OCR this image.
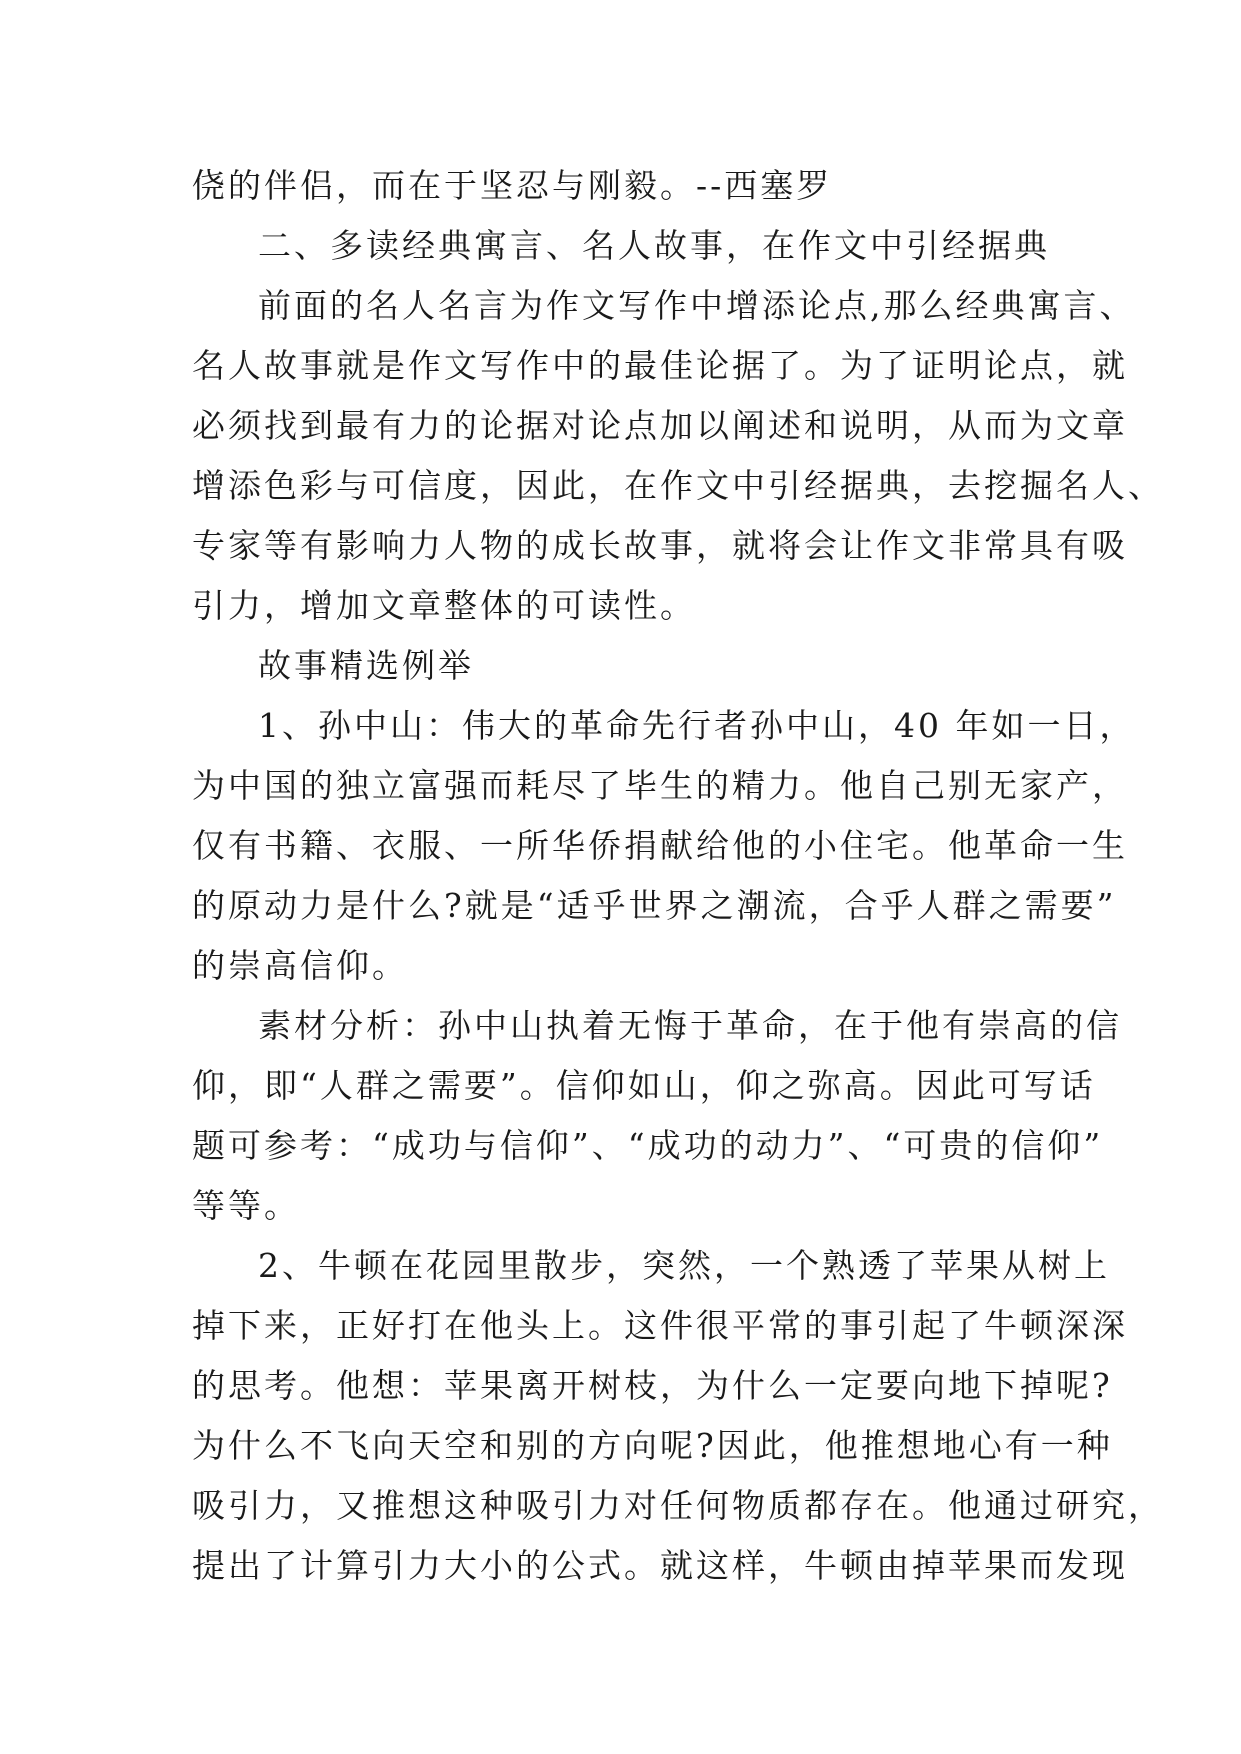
侥的伴侣，而在于坚忍与刚毅。--西塞罗
二、多读经典寓言、名人故事，在作文中引经据典
前面的名人名言为作文写作中增添论点,那么经典寓言、
名人故事就是作文写作中的最佳论据了。为了证明论点，就
必须找到最有力的论据对论点加以阐述和说明，从而为文章
增添色彩与可信度，因此，在作文中引经据典，去挖掘名人、
专家等有影响力人物的成长故事，就将会让作文非常具有吸
引力，增加文章整体的可读性。
故事精选例举
1、孙中山：伟大的革命先行者孙中山，40 年如一日，
为中国的独立富强而耗尽了毕生的精力。他自己别无家产，
仅有书籍、衣服、一所华侨捐献给他的小住宅。他革命一生
的原动力是什么?就是“适乎世界之潮流，合乎人群之需要”
的崇高信仰。
素材分析：孙中山执着无悔于革命，在于他有崇高的信
仰，即“人群之需要”。信仰如山，仰之弥高。因此可写话
题可参考：“成功与信仰”、“成功的动力”、“可贵的信仰”
等等。
2、牛顿在花园里散步，突然，一个熟透了苹果从树上
掉下来，正好打在他头上。这件很平常的事引起了牛顿深深
的思考。他想：苹果离开树枝，为什么一定要向地下掉呢?
为什么不飞向天空和别的方向呢?因此，他推想地心有一种
吸引力，又推想这种吸引力对任何物质都存在。他通过研究，
提出了计算引力大小的公式。就这样，牛顿由掉苹果而发现
